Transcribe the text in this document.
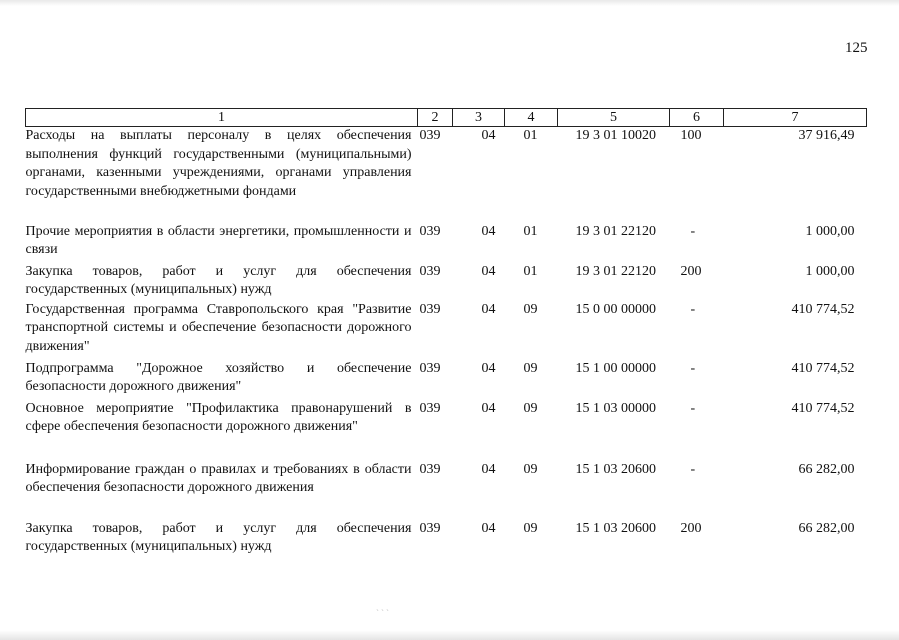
125
1	2	3	4	5	6	7
Расходы на выплаты персоналу в целях обеспечения выполнения функций государственными (муниципальными) органами, казенными учреждениями, органами управления государственными внебюджетными фондами	039	04	01	19 3 01 10020	100	37 916,49
Прочие мероприятия в области энергетики, промышленности и связи	039	04	01	19 3 01 22120	-	1 000,00
Закупка товаров, работ и услуг для обеспечения государственных (муниципальных) нужд	039	04	01	19 3 01 22120	200	1 000,00
Государственная программа Ставропольского края "Развитие транспортной системы и обеспечение безопасности дорожного движения"	039	04	09	15 0 00 00000	-	410 774,52
Подпрограмма "Дорожное хозяйство и обеспечение безопасности дорожного движения"	039	04	09	15 1 00 00000	-	410 774,52
Основное мероприятие "Профилактика правонарушений в сфере обеспечения безопасности дорожного движения"	039	04	09	15 1 03 00000	-	410 774,52
Информирование граждан о правилах и требованиях в области обеспечения безопасности дорожного движения	039	04	09	15 1 03 20600	-	66 282,00
Закупка товаров, работ и услуг для обеспечения государственных (муниципальных) нужд	039	04	09	15 1 03 20600	200	66 282,00
ˎˎˎ
